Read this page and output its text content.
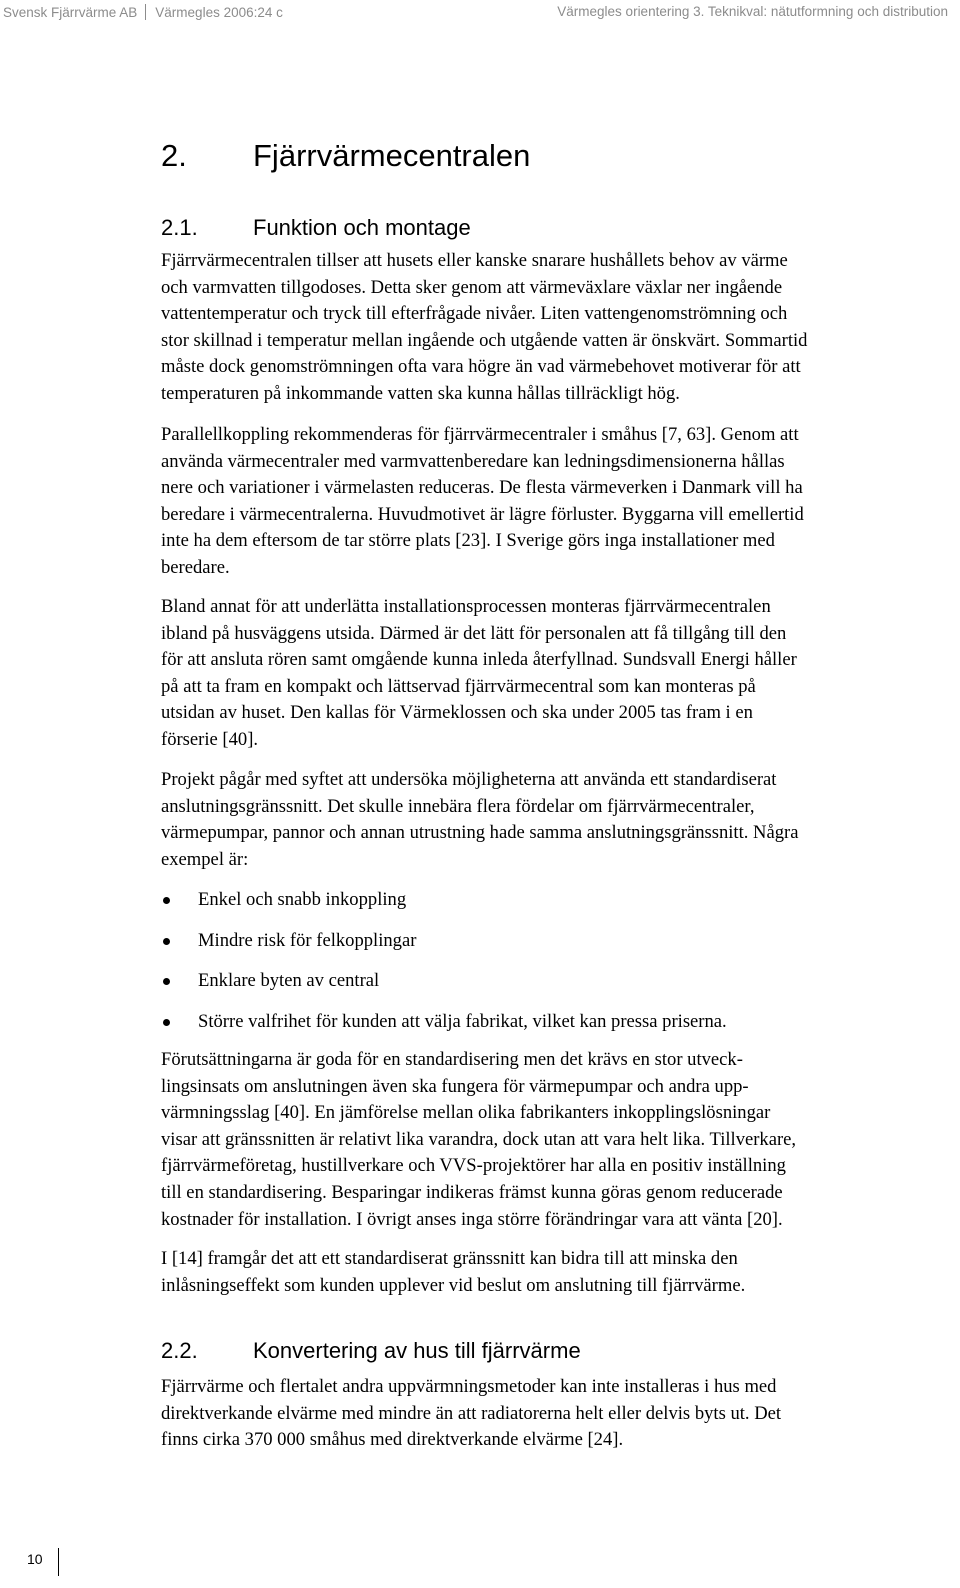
Svensk Fjärrvärme AB Värmegles 2006:24 c	Värmegles orientering 3. Teknikval: nätutformning och distribution
2. Fjärrvärmecentralen
2.1.	Funktion och montage

Fjärrvärmecentralen tillser att husets eller kanske snarare hushållets behov av värme
och varmvatten tillgodoses. Detta sker genom att värmeväxlare växlar ner ingående
vattentemperatur och tryck till efterfrågade nivåer. Liten vattengenomströmning och
stor skillnad i temperatur mellan ingående och utgående vatten är önskvärt. Sommartid
måste dock genomströmningen ofta vara högre än vad värmebehovet motiverar för att
temperaturen på inkommande vatten ska kunna hållas tillräckligt hög.

Parallellkoppling rekommenderas för fjärrvärmecentraler i småhus [7, 63]. Genom att
använda värmecentraler med varmvattenberedare kan ledningsdimensionerna hållas
nere och variationer i värmelasten reduceras. De flesta värmeverken i Danmark vill ha
beredare i värmecentralerna. Huvudmotivet är lägre förluster. Byggarna vill emellertid
inte ha dem eftersom de tar större plats [23]. I Sverige görs inga installationer med
beredare.

Bland annat för att underlätta installationsprocessen monteras fjärrvärmecentralen
ibland på husväggens utsida. Därmed är det lätt för personalen att få tillgång till den
för att ansluta rören samt omgående kunna inleda återfyllnad. Sundsvall Energi håller
på att ta fram en kompakt och lättservad fjärrvärmecentral som kan monteras på
utsidan av huset. Den kallas för Värmeklossen och ska under 2005 tas fram i en
förserie [40].

Projekt pågår med syftet att undersöka möjligheterna att använda ett standardiserat
anslutningsgränssnitt. Det skulle innebära flera fördelar om fjärrvärmecentraler,
värmepumpar, pannor och annan utrustning hade samma anslutningsgränssnitt. Några
exempel är:

Enkel och snabb inkoppling
Mindre risk för felkopplingar
Enklare byten av central
Större valfrihet för kunden att välja fabrikat, vilket kan pressa priserna.

Förutsättningarna är goda för en standardisering men det krävs en stor utveck-
lingsinsats om anslutningen även ska fungera för värmepumpar och andra upp-
värmningsslag [40]. En jämförelse mellan olika fabrikanters inkopplingslösningar
visar att gränssnitten är relativt lika varandra, dock utan att vara helt lika. Tillverkare,
fjärrvärmeföretag, hustillverkare och VVS-projektörer har alla en positiv inställning
till en standardisering. Besparingar indikeras främst kunna göras genom reducerade
kostnader för installation. I övrigt anses inga större förändringar vara att vänta [20].

I [14] framgår det att ett standardiserat gränssnitt kan bidra till att minska den
inlåsningseffekt som kunden upplever vid beslut om anslutning till fjärrvärme.

2.2.	Konvertering av hus till fjärrvärme

Fjärrvärme och flertalet andra uppvärmningsmetoder kan inte installeras i hus med
direktverkande elvärme med mindre än att radiatorerna helt eller delvis byts ut. Det
finns cirka 370 000 småhus med direktverkande elvärme [24].

10
